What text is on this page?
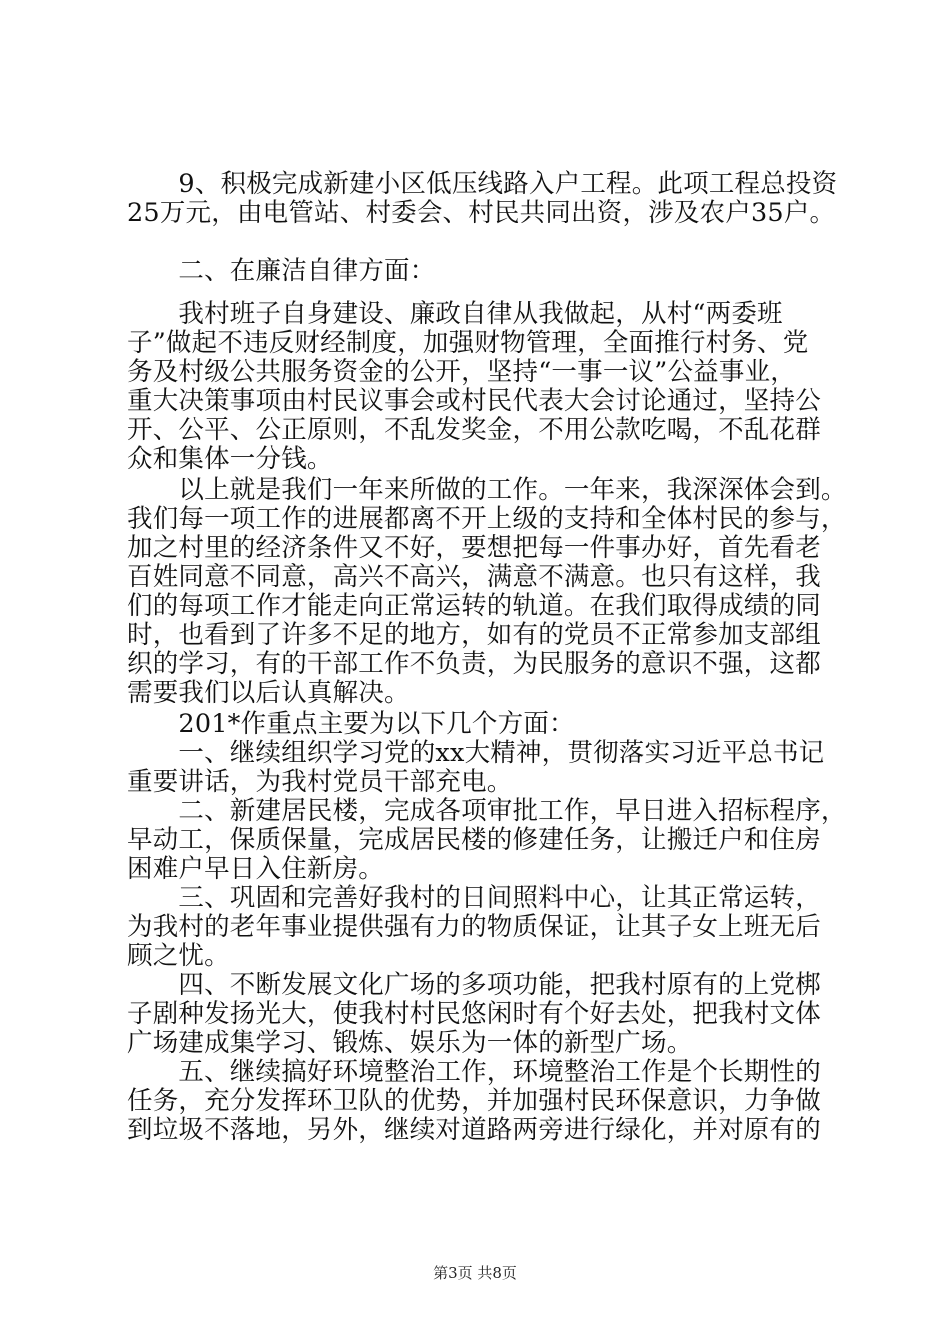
　　9、积极完成新建小区低压线路入户工程。此项工程总投资
25万元，由电管站、村委会、村民共同出资，涉及农户35户。
　　二、在廉洁自律方面：
　　我村班子自身建设、廉政自律从我做起，从村“两委班
子”做起不违反财经制度，加强财物管理，全面推行村务、党
务及村级公共服务资金的公开，坚持“一事一议”公益事业，
重大决策事项由村民议事会或村民代表大会讨论通过，坚持公
开、公平、公正原则，不乱发奖金，不用公款吃喝，不乱花群
众和集体一分钱。
　　以上就是我们一年来所做的工作。一年来，我深深体会到。
我们每一项工作的进展都离不开上级的支持和全体村民的参与，
加之村里的经济条件又不好，要想把每一件事办好，首先看老
百姓同意不同意，高兴不高兴，满意不满意。也只有这样，我
们的每项工作才能走向正常运转的轨道。在我们取得成绩的同
时，也看到了许多不足的地方，如有的党员不正常参加支部组
织的学习，有的干部工作不负责，为民服务的意识不强，这都
需要我们以后认真解决。
　　201*作重点主要为以下几个方面：
　　一、继续组织学习党的xx大精神，贯彻落实习近平总书记
重要讲话，为我村党员干部充电。
　　二、新建居民楼，完成各项审批工作，早日进入招标程序，
早动工，保质保量，完成居民楼的修建任务，让搬迁户和住房
困难户早日入住新房。
　　三、巩固和完善好我村的日间照料中心，让其正常运转，
为我村的老年事业提供强有力的物质保证，让其子女上班无后
顾之忧。
　　四、不断发展文化广场的多项功能，把我村原有的上党梆
子剧种发扬光大，使我村村民悠闲时有个好去处，把我村文体
广场建成集学习、锻炼、娱乐为一体的新型广场。
　　五、继续搞好环境整治工作，环境整治工作是个长期性的
任务，充分发挥环卫队的优势，并加强村民环保意识，力争做
到垃圾不落地，另外，继续对道路两旁进行绿化，并对原有的
第3页 共8页
